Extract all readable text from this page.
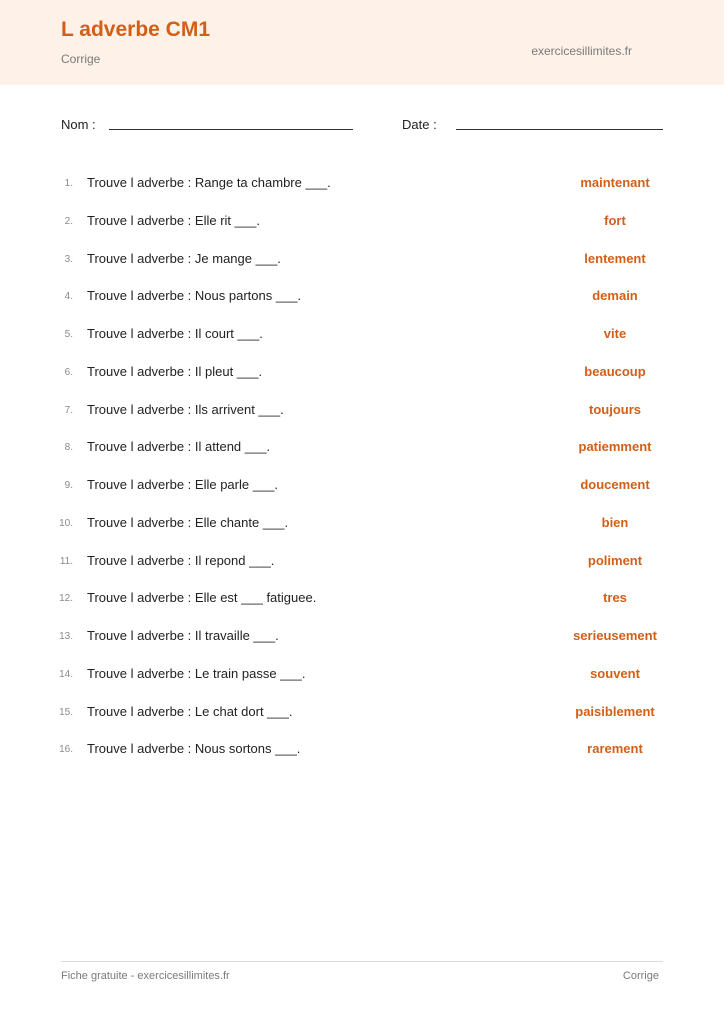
L adverbe CM1
Corrige
exercicesillimites.fr
Nom :	Date :
1. Trouve l adverbe : Range ta chambre ___.	maintenant
2. Trouve l adverbe : Elle rit ___.	fort
3. Trouve l adverbe : Je mange ___.	lentement
4. Trouve l adverbe : Nous partons ___.	demain
5. Trouve l adverbe : Il court ___.	vite
6. Trouve l adverbe : Il pleut ___.	beaucoup
7. Trouve l adverbe : Ils arrivent ___.	toujours
8. Trouve l adverbe : Il attend ___.	patiemment
9. Trouve l adverbe : Elle parle ___.	doucement
10. Trouve l adverbe : Elle chante ___.	bien
11. Trouve l adverbe : Il repond ___.	poliment
12. Trouve l adverbe : Elle est ___ fatiguee.	tres
13. Trouve l adverbe : Il travaille ___.	serieusement
14. Trouve l adverbe : Le train passe ___.	souvent
15. Trouve l adverbe : Le chat dort ___.	paisiblement
16. Trouve l adverbe : Nous sortons ___.	rarement
Fiche gratuite - exercicesillimites.fr	Corrige
